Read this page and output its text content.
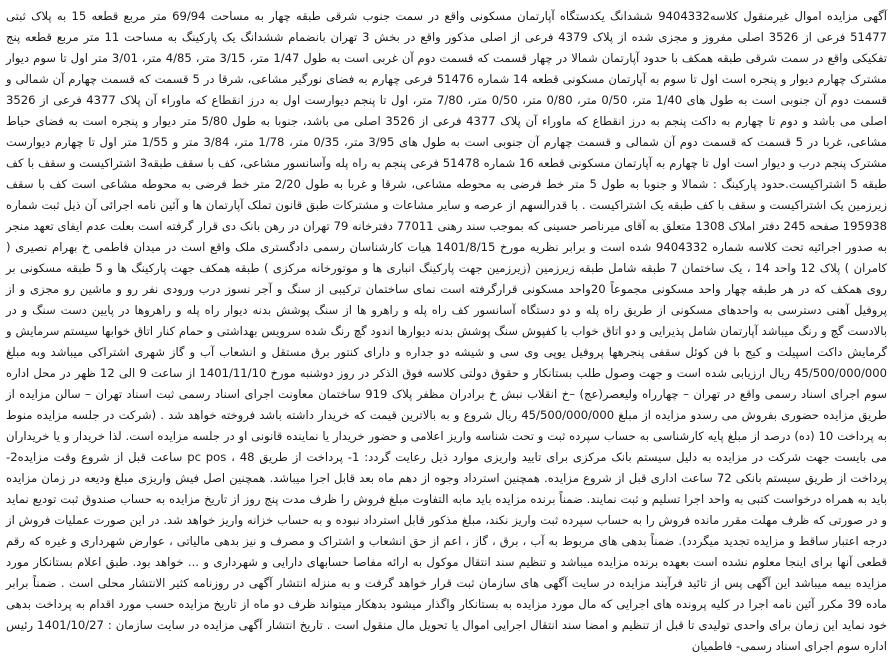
آگهی مزایده اموال غیرمنقول کلاسه9404332 ششدانگ یکدستگاه آپارتمان مسکونی واقع در سمت جنوب شرقی طبقه چهار به مساحت 69/94 متر مربع قطعه 15 به پلاک ثبتی 51477 فرعی از 3526 اصلی مفروز و مجزی شده از پلاک 4379 فرعی از اصلی مذکور واقع در بخش 3 تهران بانضمام ششدانگ یک پارکینگ به مساحت 11 متر مربع قطعه پنج تفکیکی واقع در سمت شرقی طبقه همکف با حدود آپارتمان شمالا در چهار قسمت که قسمت دوم آن غربی است به طول 1/47 متر، 3/15 متر، 4/85 متر، 3/01 متر اول تا سوم دیوار مشترک چهارم دیوار و پنجره است اول تا سوم به آپارتمان مسکونی قطعه 14 شماره 51476 فرعی چهارم به فضای نورگیر مشاعی، شرقا در 5 قسمت که قسمت چهارم آن شمالی و قسمت دوم آن جنوبی است به طول های 1/40 متر، 0/50 متر، 0/80 متر، 0/50 متر، 7/80 متر، اول تا پنجم دیوارست اول به درز انقطاع که ماوراء آن پلاک 4377 فرعی از 3526 اصلی می باشد و دوم تا چهارم به داکت پنجم به درز انقطاع که ماوراء آن پلاک 4377 فرعی از 3526 اصلی می باشد، جنوبا به طول 5/80 متر دیوار و پنجره است به فضای حیاط مشاعی، غربا در 5 قسمت که قسمت دوم آن شمالی و قسمت چهارم آن جنوبی است به طول های 3/95 متر، 0/35 متر، 1/78 متر، 3/84 متر و 1/55 متر اول تا چهارم دیوارست مشترک پنجم درب و دیوار است اول تا چهارم به آپارتمان مسکونی قطعه 16 شماره 51478 فرعی پنجم به راه پله وآسانسور مشاعی، کف با سقف طبقه3 اشتراکیست و سقف با کف طبقه 5 اشتراکیست.حدود پارکینگ : شمالا و جنوبا به طول 5 متر خط فرضی به محوطه مشاعی، شرقا و غربا به طول 2/20 متر خط فرضی به محوطه مشاعی است کف با سقف زیرزمین یک اشتراکیست و سقف با کف طبقه یک اشتراکیست . با قدرالسهم از عرصه و سایر مشاعات و مشترکات طبق قانون تملک آپارتمان ها و آئین نامه اجرائی آن ذیل ثبت شماره 195938 صفحه 245 دفتر املاک 1308 متعلق به آقای میرناصر حسینی که بموجب سند رهنی 77011 دفترخانه 79 تهران در رهن بانک دی قرار گرفته است بعلت عدم ایفای تعهد منجر به صدور اجرائیه تحت کلاسه شماره 9404332 شده است و برابر نظریه مورخ 1401/8/15 هیات کارشناسان رسمی دادگستری ملک واقع است در میدان فاطمی خ بهرام نصیری ( کامران ) پلاک 12 واحد 14 ، یک ساختمان 7 طبقه شامل طبقه زیرزمین (زیرزمین جهت پارکینگ انباری ها و موتورخانه مرکزی ) طبقه همکف جهت پارکینگ ها و 5 طبقه مسکونی بر روی همکف که در هر طبقه چهار واحد مسکونی مجموعاً 20واحد مسکونی قرارگرفته است نمای ساختمان ترکیبی از سنگ و آجر نسوز درب ورودی نفر رو و ماشین رو مجزی و از پروفیل آهنی دسترسی به واحدهای مسکونی از طریق راه پله و دو دستگاه آسانسور کف راه پله و راهرو ها از سنگ پوشش بدنه دیوار راه پله و راهروها در پایین دست سنگ و در بالادست گچ و رنگ میباشد آپارتمان شامل پذیرایی و دو اتاق خواب با کفپوش سنگ پوشش بدنه دیوارها اندود گچ رنگ شده سرویس بهداشتی و حمام کنار اتاق خوابها سیستم سرمایش و گرمایش داکت اسپیلت و کیج با فن کوئل سقفی پنجرهها پروفیل یوپی وی سی و شیشه دو جداره و دارای کنتور برق مستقل و انشعاب آب و گاز شهری اشتراکی میباشد وبه مبلغ 45/500/000/000 ریال ارزیابی شده است و جهت وصول طلب بستانکار و حقوق دولتی کلاسه فوق الذکر در روز دوشنبه مورخ 1401/11/10 از ساعت 9 الی 12 ظهر در محل اداره سوم اجرای اسناد رسمی واقع در تهران – چهارراه ولیعصر(عج) –خ انقلاب نبش خ برادران مظفر پلاک 919 ساختمان معاونت اجرای اسناد رسمی ثبت اسناد تهران – سالن مزایده از طریق مزایده حضوری بفروش می رسدو مزایده از مبلغ 45/500/000/000 ریال شروع و به بالاترین قیمت که خریدار داشته باشد فروخته خواهد شد . (شرکت در جلسه مزایده منوط به پرداخت 10 (ده) درصد از مبلغ پایه کارشناسی به حساب سپرده ثبت و تحت شناسه واریز اعلامی و حضور خریدار یا نماینده قانونی او در جلسه مزایده است. لذا خریدار و یا خریداران می بایست جهت شرکت در مزایده به دلیل سیستم بانک مرکزی برای تایید واریزی موارد ذیل رعایت گردد: 1- پرداخت از طریق pc pos ، 48 ساعت قبل از شروع وقت مزایده2- پرداخت از طریق سیستم بانکی 72 ساعت اداری قبل از شروع مزایده. همچنین استرداد وجوه از دهم ماه بعد قابل اجرا میباشد. همچنین اصل فیش واریزی مبلغ ودیعه در زمان مزایده باید به همراه درخواست کتبی به واحد اجرا تسلیم و ثبت نمایند. ضمناً برنده مزایده باید مابه التفاوت مبلغ فروش را ظرف مدت پنج روز از تاریخ مزایده به حساب صندوق ثبت تودیع نماید و در صورتی که ظرف مهلت مقرر مانده فروش را به حساب سپرده ثبت واریز نکند، مبلغ مذکور قابل استرداد نبوده و به حساب خزانه واریز خواهد شد. در این صورت عملیات فروش از درجه اعتبار ساقط و مزایده تجدید میگردد). ضمناً بدهی های مربوط به آب ، برق ، گاز ، اعم از حق انشعاب و اشتراک و مصرف و نیز بدهی مالیاتی ، عوارض شهرداری و غیره که رقم قطعی آنها برای اینجا معلوم نشده است بعهده برنده مزایده میباشد و تنظیم سند انتقال موکول به ارائه مفاصا حسابهای دارایی و شهرداری و ... خواهد بود. طبق اعلام بستانکار مورد مزایده بیمه میباشد این آگهی پس از تائید فرآیند مزایده در سایت آگهی های سازمان ثبت قرار خواهد گرفت و به منزله انتشار آگهی در روزنامه کثیر الانتشار محلی است . ضمناً برابر ماده 39 مکرر آئین نامه اجرا در کلیه پرونده های اجرایی که مال مورد مزایده به بستانکار واگذار میشود بدهکار میتواند ظرف دو ماه از تاریخ مزایده حسب مورد اقدام به پرداخت بدهی خود نماید این زمان برای واحدی تولیدی تا قبل از تنظیم و امضا سند انتقال اجرایی اموال یا تحویل مال منقول است . تاریخ انتشار آگهی مزایده در سایت سازمان : 1401/10/27 رئیس اداره سوم اجرای اسناد رسمی- فاطمیان
